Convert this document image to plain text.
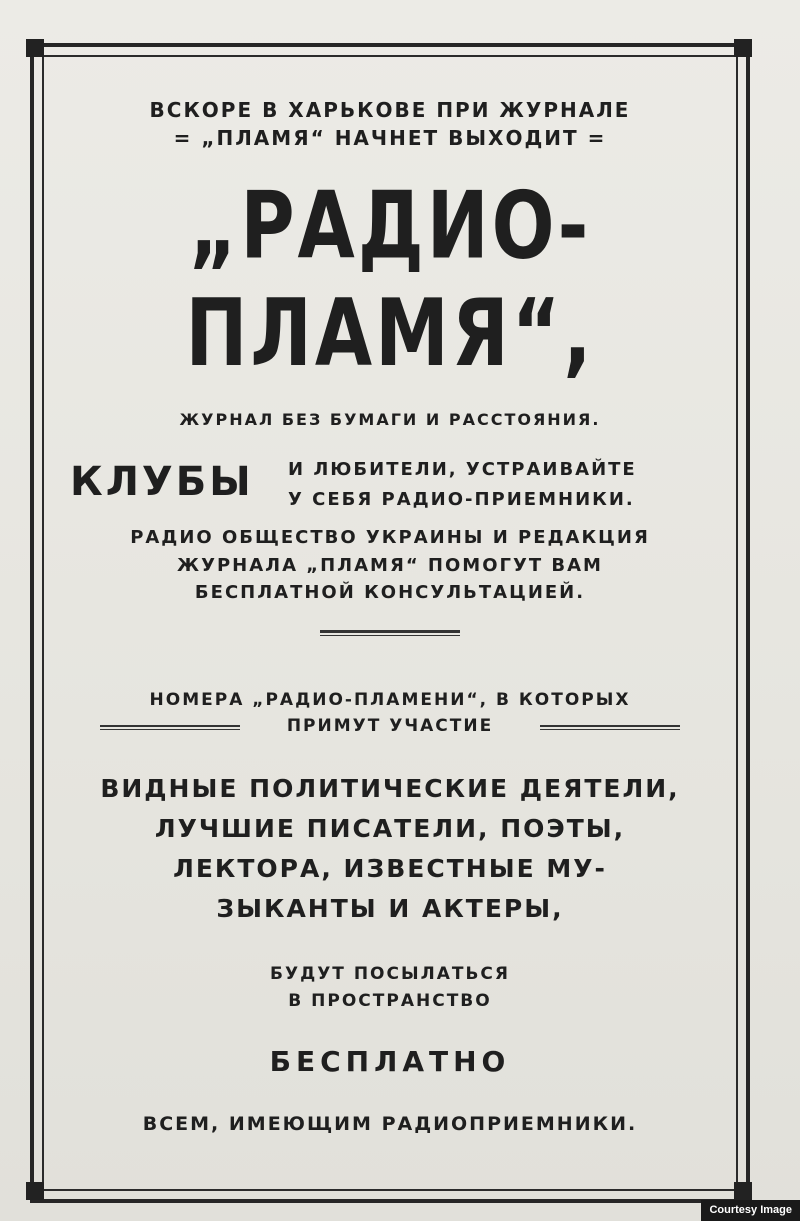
ВСКОРЕ В ХАРЬКОВЕ ПРИ ЖУРНАЛЕ
= „ПЛАМЯ“ НАЧНЕТ ВЫХОДИТ =
„РАДИО-ПЛАМЯ“,
ЖУРНАЛ БЕЗ БУМАГИ И РАССТОЯНИЯ.
КЛУБЫ И ЛЮБИТЕЛИ, УСТРАИВАЙТЕ
У СЕБЯ РАДИО-ПРИЕМНИКИ.
РАДИО ОБЩЕСТВО УКРАИНЫ И РЕДАКЦИЯ
ЖУРНАЛА „ПЛАМЯ“ ПОМОГУТ ВАМ
БЕСПЛАТНОЙ КОНСУЛЬТАЦИЕЙ.
НОМЕРА „РАДИО-ПЛАМЕНИ“, В КОТОРЫХ
ПРИМУТ УЧАСТИЕ
ВИДНЫЕ ПОЛИТИЧЕСКИЕ ДЕЯТЕЛИ,
ЛУЧШИЕ ПИСАТЕЛИ, ПОЭТЫ,
ЛЕКТОРА, ИЗВЕСТНЫЕ МУ-
ЗЫКАНТЫ И АКТЕРЫ,
БУДУТ ПОСЫЛАТЬСЯ
В ПРОСТРАНСТВО
БЕСПЛАТНО
ВСЕМ, ИМЕЮЩИМ РАДИОПРИЕМНИКИ.
Courtesy Image
